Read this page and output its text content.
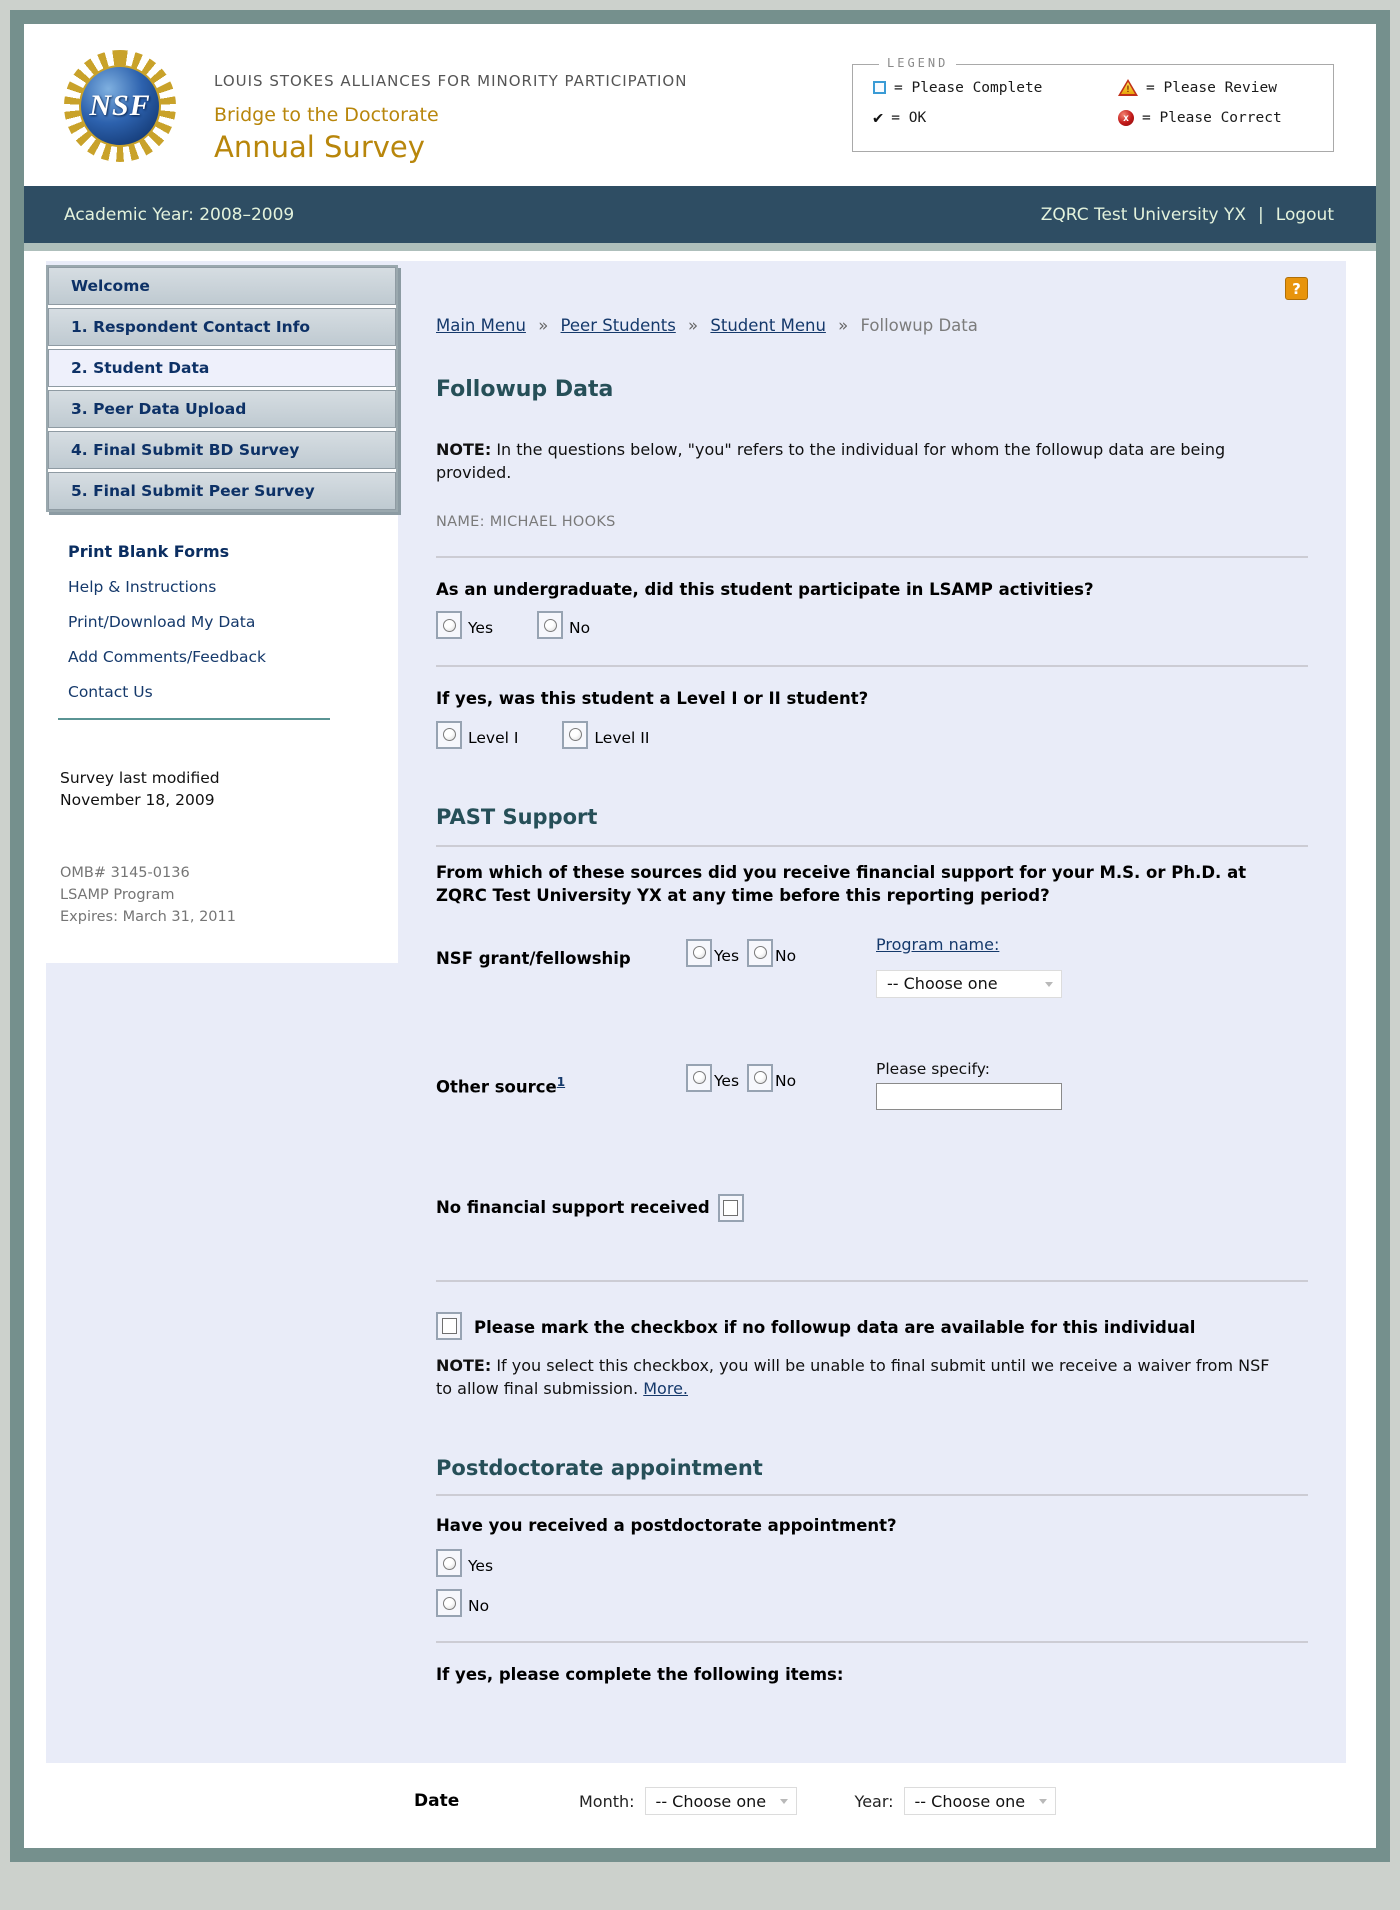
NSF
LOUIS STOKES ALLIANCES FOR MINORITY PARTICIPATION
Bridge to the Doctorate
Annual Survey
LEGEND
= Please Complete !	= Please Review
✔ = OK	x = Please Correct
Academic Year: 2008–2009	ZQRC Test University YX | Logout
Welcome
1. Respondent Contact Info
2. Student Data
3. Peer Data Upload
4. Final Submit BD Survey
5. Final Submit Peer Survey
Print Blank Forms
Help & Instructions
Print/Download My Data
Add Comments/Feedback
Contact Us
Survey last modified
November 18, 2009
OMB# 3145-0136
LSAMP Program
Expires: March 31, 2011
?
Main Menu » Peer Students » Student Menu » Followup Data
Followup Data

NOTE: In the questions below, "you" refers to the individual for whom the followup data are being provided.

NAME: MICHAEL HOOKS
As an undergraduate, did this student participate in LSAMP activities?
Yes	No
If yes, was this student a Level I or II student?
Level I	Level II
PAST Support
From which of these sources did you receive financial support for your M.S. or Ph.D. at ZQRC Test University YX at any time before this reporting period?
NSF grant/fellowship	Yes No
Program name:
-- Choose one
Other source$^1$	Yes No
Please specify:
No financial support received
Please mark the checkbox if no followup data are available for this individual

NOTE: If you select this checkbox, you will be unable to final submit until we receive a waiver from NSF to allow final submission. More.

Postdoctorate appointment
Have you received a postdoctorate appointment?
Yes
No
If yes, please complete the following items:
Date	Month: -- Choose one	Year: -- Choose one
